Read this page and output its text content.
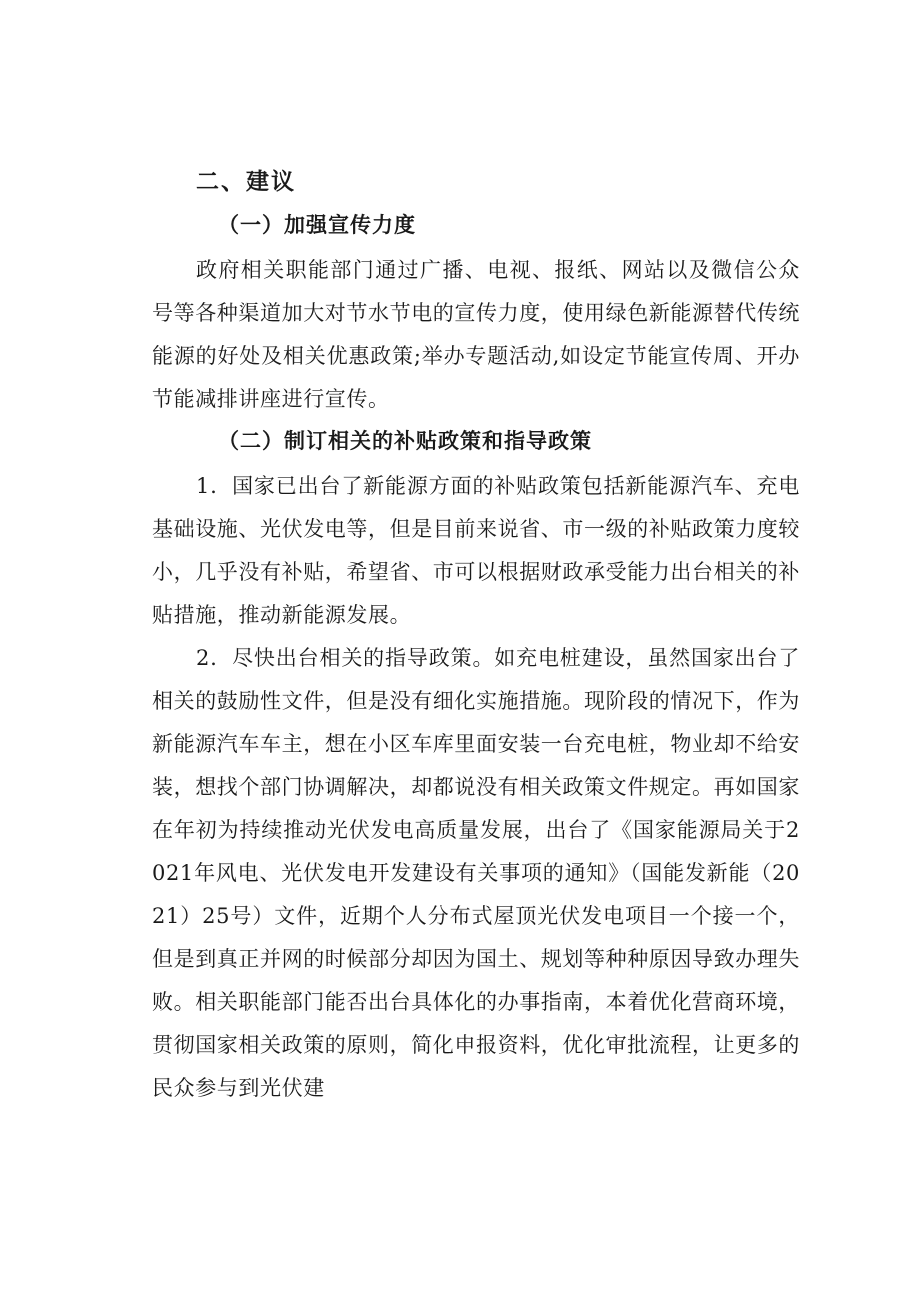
二、建议
（一）加强宣传力度

政府相关职能部门通过广播、电视、报纸、网站以及微信公众号等各种渠道加大对节水节电的宣传力度，使用绿色新能源替代传统能源的好处及相关优惠政策;举办专题活动,如设定节能宣传周、开办节能减排讲座进行宣传。

（二）制订相关的补贴政策和指导政策

1．国家已出台了新能源方面的补贴政策包括新能源汽车、充电基础设施、光伏发电等，但是目前来说省、市一级的补贴政策力度较小，几乎没有补贴，希望省、市可以根据财政承受能力出台相关的补贴措施，推动新能源发展。

2．尽快出台相关的指导政策。如充电桩建设，虽然国家出台了相关的鼓励性文件，但是没有细化实施措施。现阶段的情况下，作为新能源汽车车主，想在小区车库里面安装一台充电桩，物业却不给安装，想找个部门协调解决，却都说没有相关政策文件规定。再如国家在年初为持续推动光伏发电高质量发展，出台了《国家能源局关于2021年风电、光伏发电开发建设有关事项的通知》（国能发新能（2021）25号）文件，近期个人分布式屋顶光伏发电项目一个接一个，但是到真正并网的时候部分却因为国土、规划等种种原因导致办理失败。相关职能部门能否出台具体化的办事指南，本着优化营商环境，贯彻国家相关政策的原则，简化申报资料，优化审批流程，让更多的民众参与到光伏建
